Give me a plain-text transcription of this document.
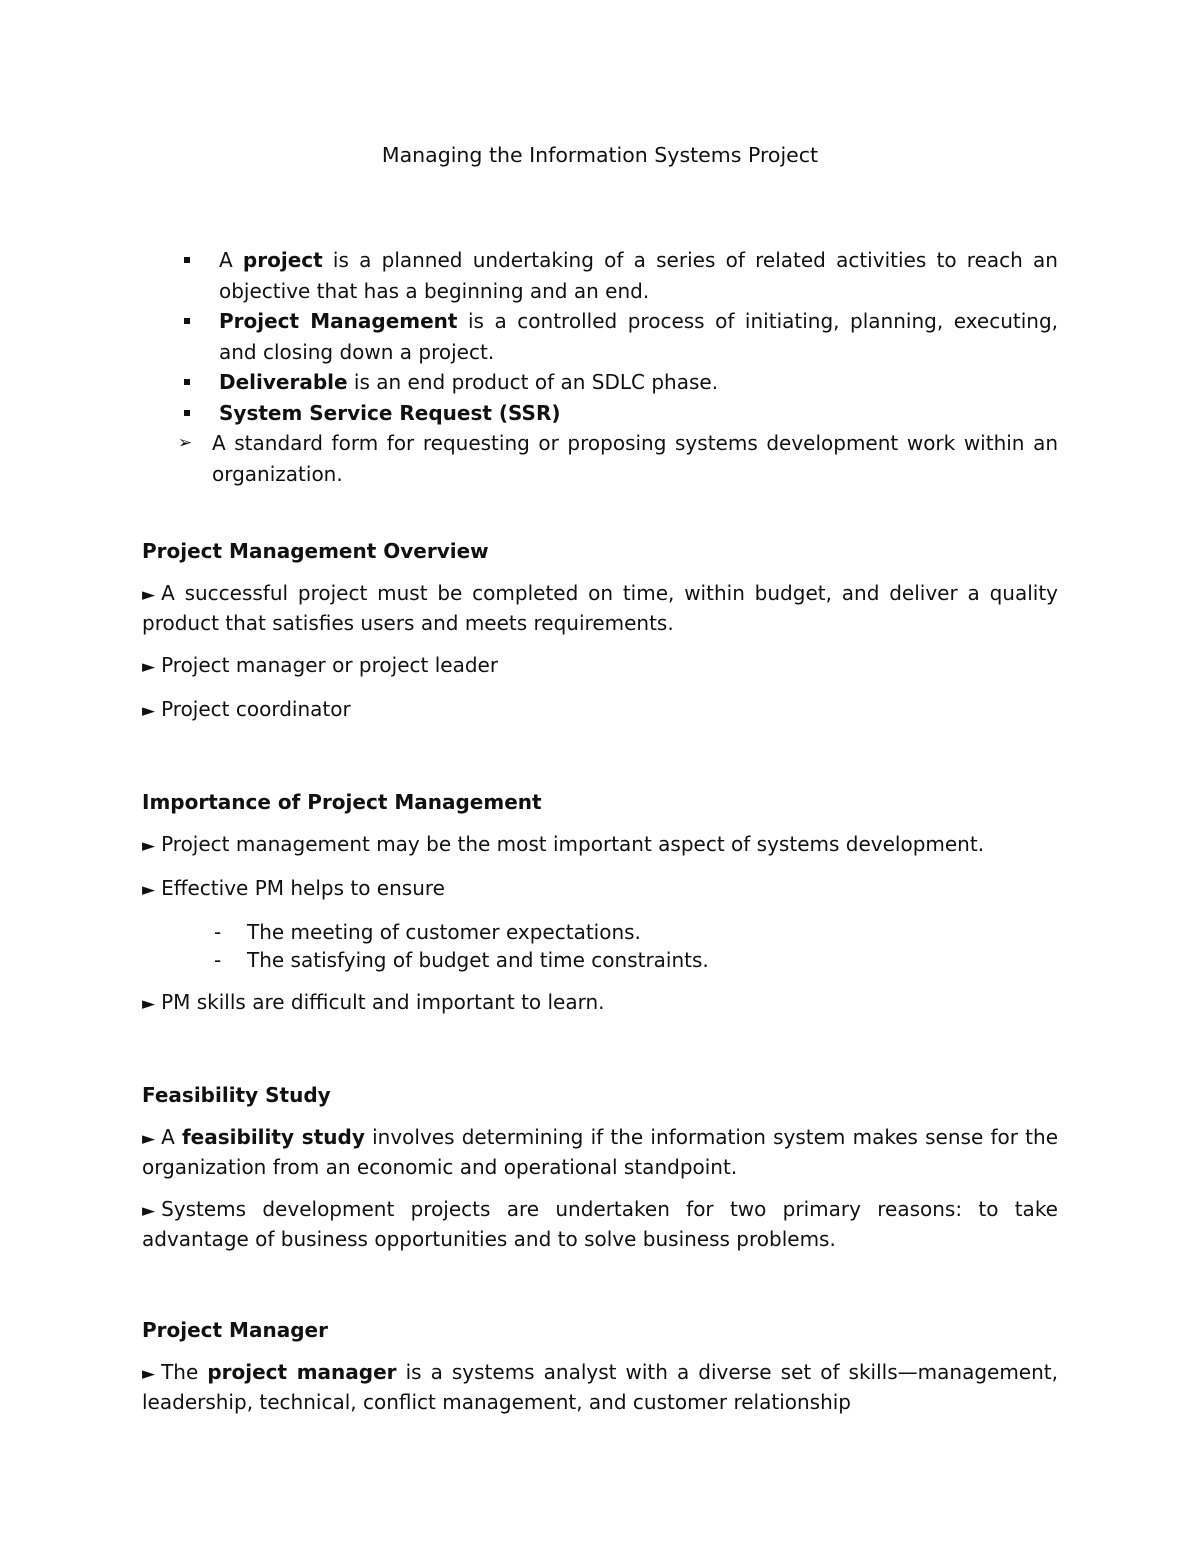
Managing the Information Systems Project
A project is a planned undertaking of a series of related activities to reach an objective that has a beginning and an end.
Project Management is a controlled process of initiating, planning, executing, and closing down a project.
Deliverable is an end product of an SDLC phase.
System Service Request (SSR)
➢ A standard form for requesting or proposing systems development work within an organization.
Project Management Overview

► A successful project must be completed on time, within budget, and deliver a quality product that satisfies users and meets requirements.

► Project manager or project leader

► Project coordinator

Importance of Project Management

► Project management may be the most important aspect of systems development.

► Effective PM helps to ensure

- The meeting of customer expectations.
- The satisfying of budget and time constraints.

► PM skills are difficult and important to learn.

Feasibility Study

► A feasibility study involves determining if the information system makes sense for the organization from an economic and operational standpoint.

► Systems development projects are undertaken for two primary reasons: to take advantage of business opportunities and to solve business problems.

Project Manager

► The project manager is a systems analyst with a diverse set of skills—management, leadership, technical, conflict management, and customer relationship
